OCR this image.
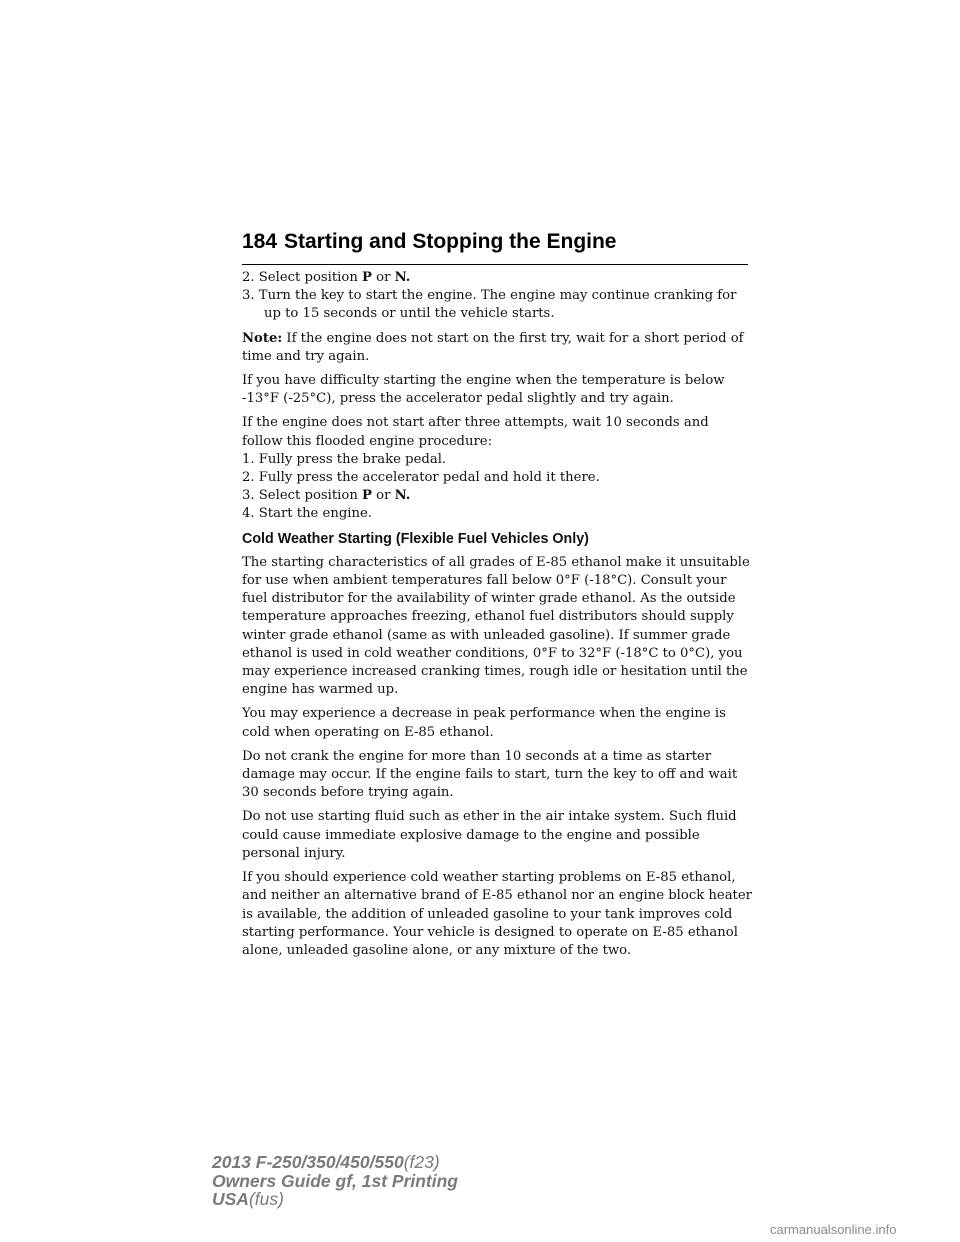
184 Starting and Stopping the Engine
2. Select position P or N.

3. Turn the key to start the engine. The engine may continue cranking for up to 15 seconds or until the vehicle starts.

Note: If the engine does not start on the first try, wait for a short period of time and try again.

If you have difficulty starting the engine when the temperature is below -13°F (-25°C), press the accelerator pedal slightly and try again.

If the engine does not start after three attempts, wait 10 seconds and follow this flooded engine procedure:
1. Fully press the brake pedal.
2. Fully press the accelerator pedal and hold it there.
3. Select position P or N.
4. Start the engine.
Cold Weather Starting (Flexible Fuel Vehicles Only)

The starting characteristics of all grades of E-85 ethanol make it unsuitable for use when ambient temperatures fall below 0°F (-18°C). Consult your fuel distributor for the availability of winter grade ethanol. As the outside temperature approaches freezing, ethanol fuel distributors should supply winter grade ethanol (same as with unleaded gasoline). If summer grade ethanol is used in cold weather conditions, 0°F to 32°F (-18°C to 0°C), you may experience increased cranking times, rough idle or hesitation until the engine has warmed up.

You may experience a decrease in peak performance when the engine is cold when operating on E-85 ethanol.

Do not crank the engine for more than 10 seconds at a time as starter damage may occur. If the engine fails to start, turn the key to off and wait 30 seconds before trying again.

Do not use starting fluid such as ether in the air intake system. Such fluid could cause immediate explosive damage to the engine and possible personal injury.

If you should experience cold weather starting problems on E-85 ethanol, and neither an alternative brand of E-85 ethanol nor an engine block heater is available, the addition of unleaded gasoline to your tank improves cold starting performance. Your vehicle is designed to operate on E-85 ethanol alone, unleaded gasoline alone, or any mixture of the two.

2013 F-250/350/450/550(f23)
Owners Guide gf, 1st Printing
USA(fus)
carmanualsonline.info
